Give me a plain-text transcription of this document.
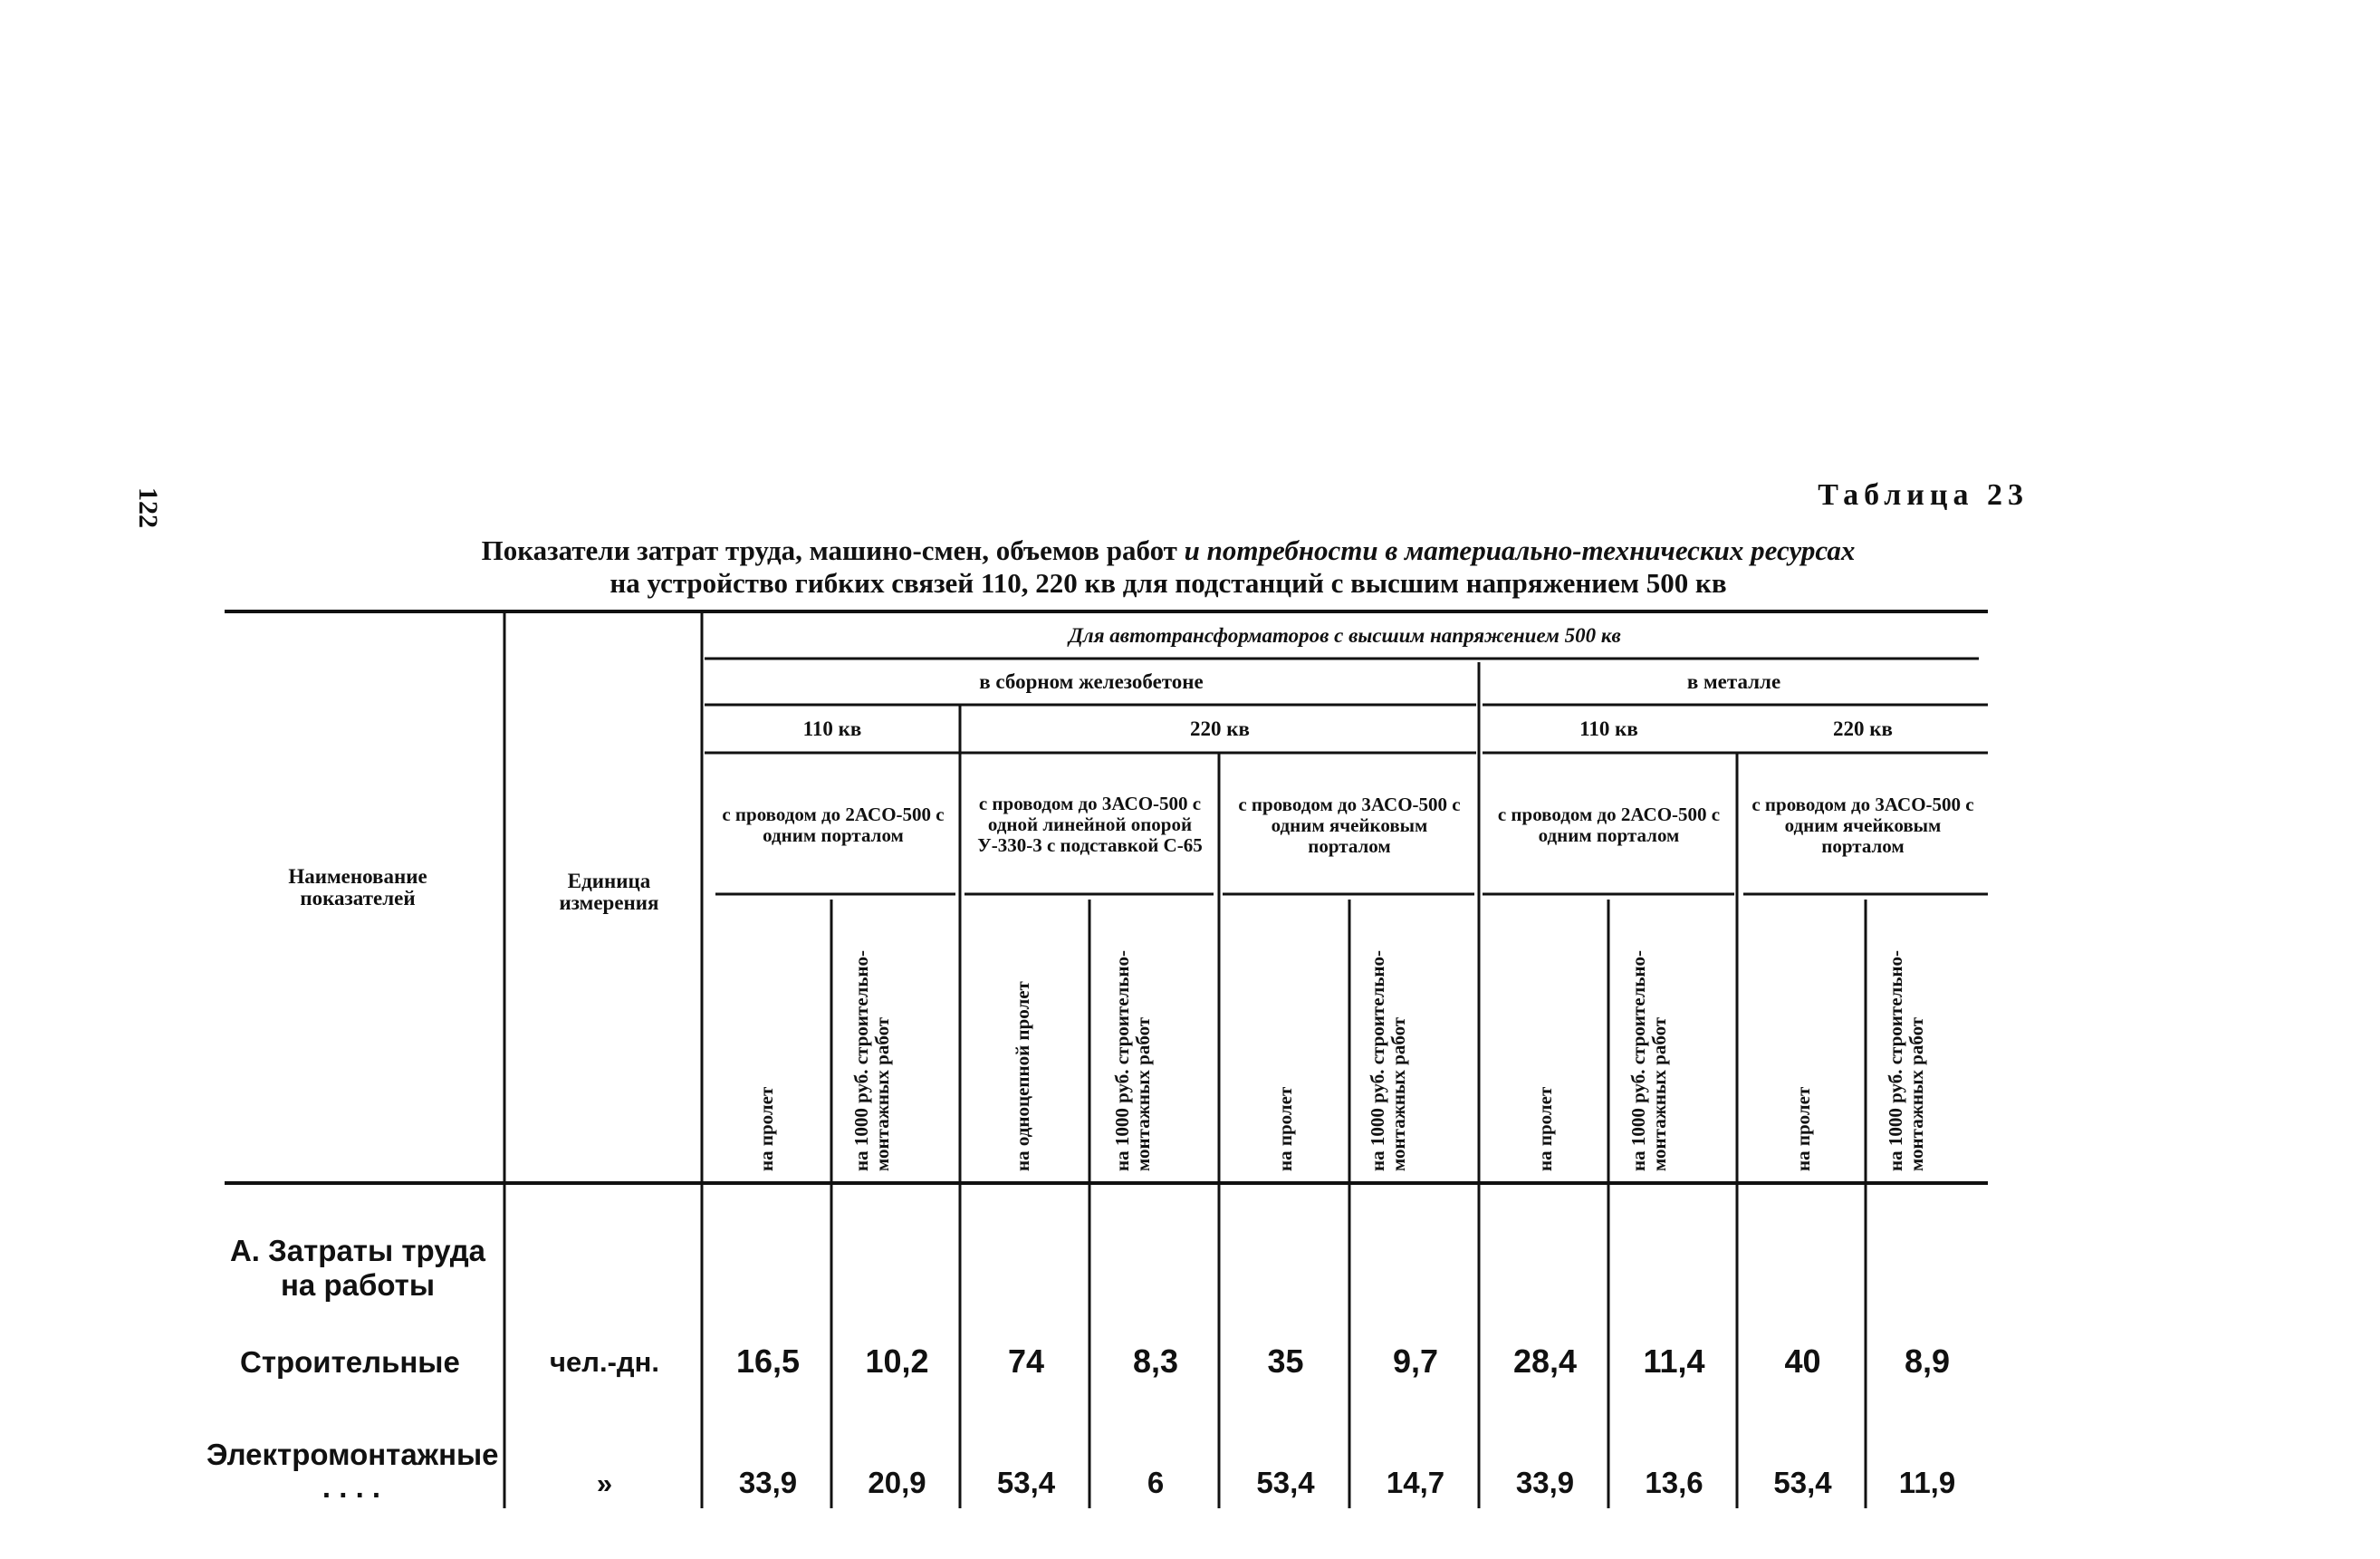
122	Таблица 23
Показатели затрат труда, машино-смен, объемов работ и потребности в материально-технических ресурсах
на устройство гибких связей 110, 220 кв для подстанций с высшим напряжением 500 кв
Наименование показателей
Единица измерения
Для автотрансформаторов с высшим напряжением 500 кв
в сборном железобетоне	в металле
110 кв	220 кв	110 кв	220 кв
с проводом до 2АСО-500 с одним порталом
с проводом до 3АСО-500 с одной линейной опорой У-330-3 с подставкой С-65
с проводом до 3АСО-500 с одним ячейковым порталом
с проводом до 2АСО-500 с одним порталом
с проводом до 3АСО-500 с одним ячейковым порталом
на пролет	на 1000 руб. строительно-монтажных работ	на одноцепной пролет	на 1000 руб. строительно-монтажных работ	на пролет	на 1000 руб. строительно-монтажных работ	на пролет	на 1000 руб. строительно-монтажных работ	на пролет	на 1000 руб. строительно-монтажных работ
А. Затраты труда на работы
Строительные	чел.-дн.	16,5	10,2	74	8,3	35	9,7	28,4	11,4	40	8,9
Электромонтажные . . . .	»	33,9	20,9	53,4	6	53,4	14,7	33,9	13,6	53,4	11,9
